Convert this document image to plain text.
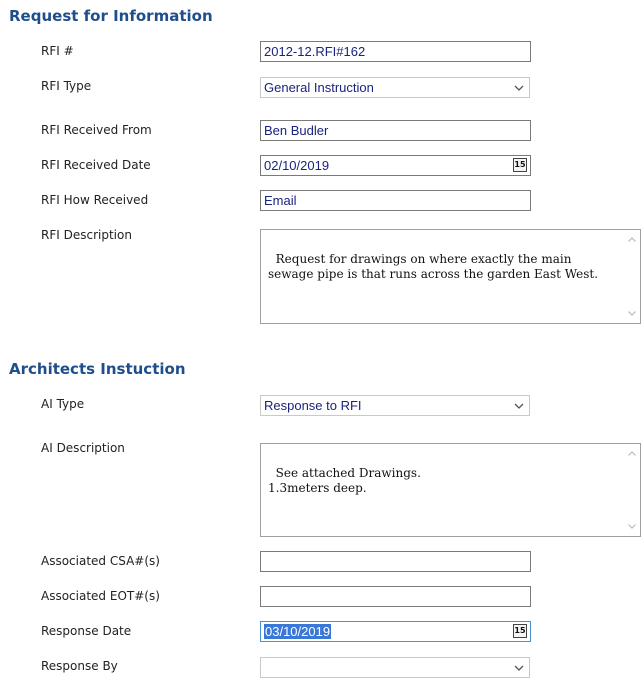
Request for Information
RFI #	2012-12.RFI#162
RFI Type	General Instruction
RFI Received From	Ben Budler
RFI Received Date	02/10/2019	15
RFI How Received	Email
RFI Description

Request for drawings on where exactly the main sewage pipe is that runs across the garden East West.

Architects Instuction
AI Type	Response to RFI
AI Description

See attached Drawings.
1.3meters deep.

Associated CSA#(s)
Associated EOT#(s)
Response Date	03/10/2019	15
Response By
